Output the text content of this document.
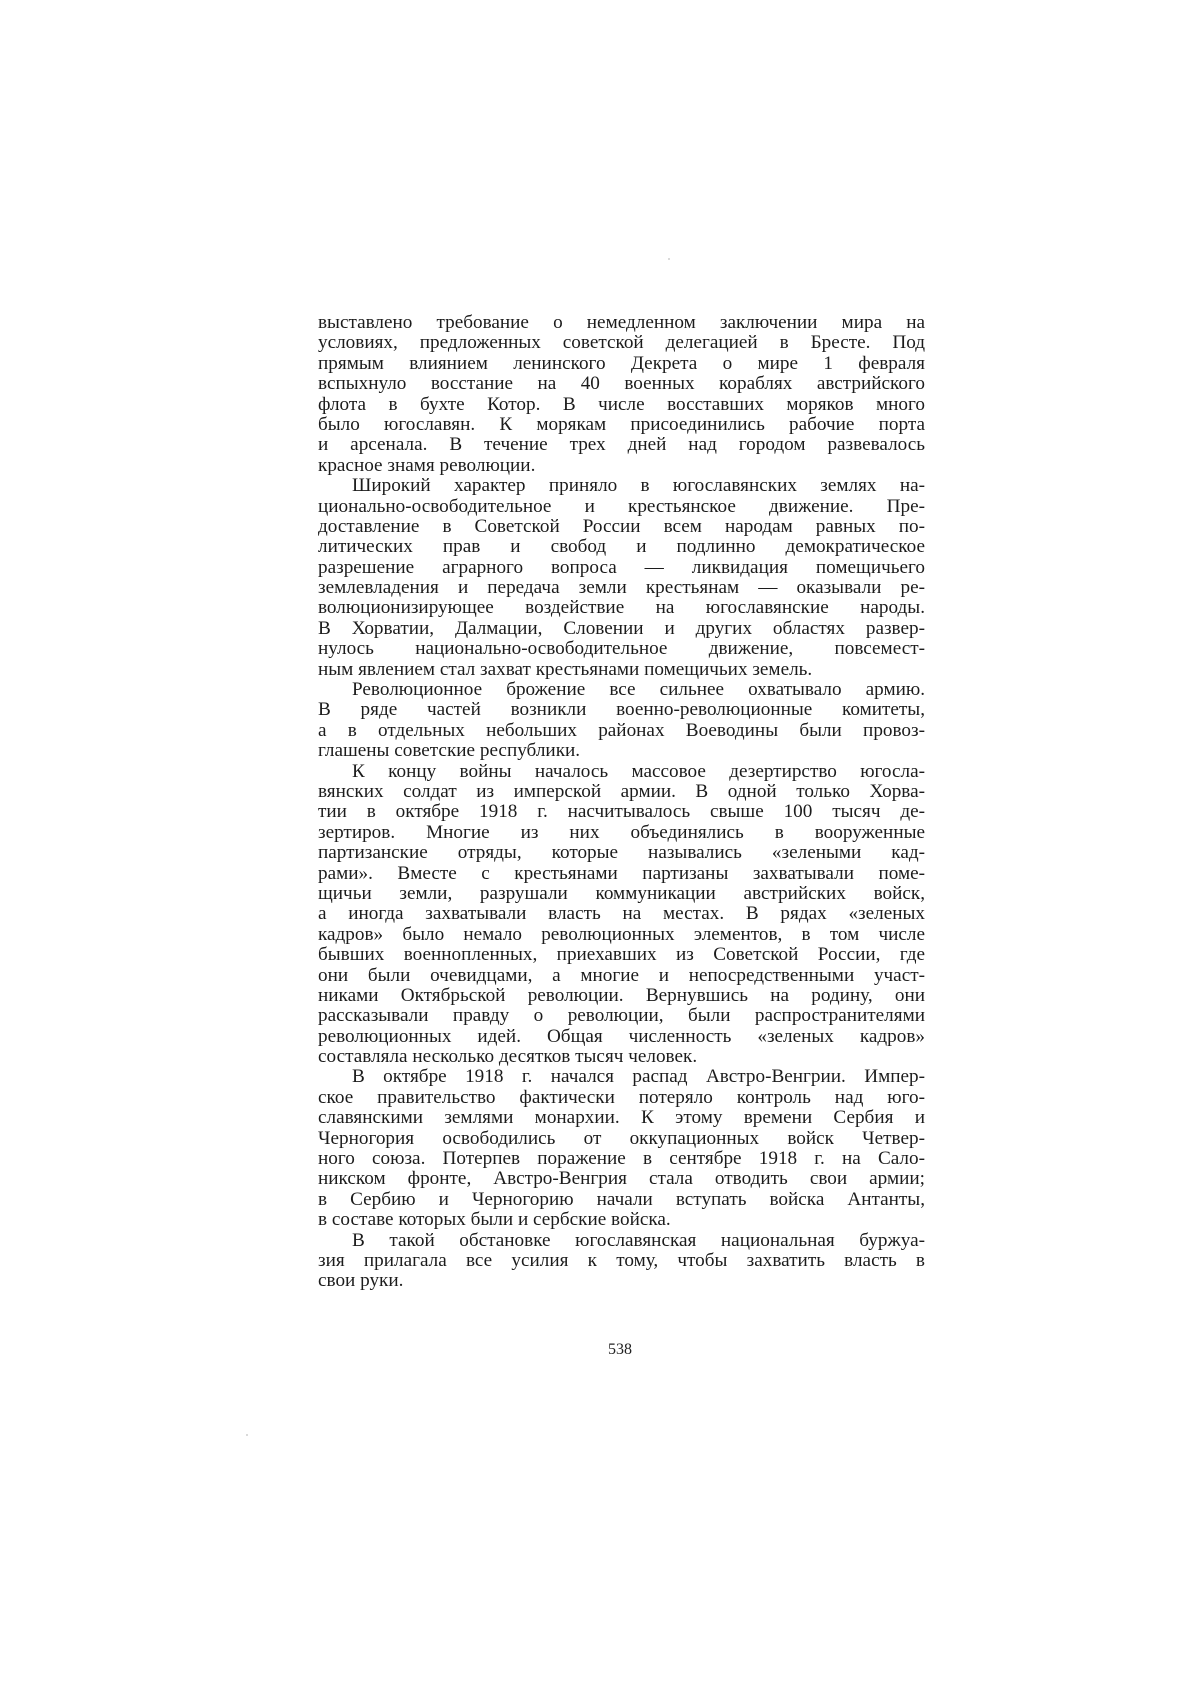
выставлено требование о немедленном заключении мира на
условиях, предложенных советской делегацией в Бресте. Под
прямым влиянием ленинского Декрета о мире 1 февраля
вспыхнуло восстание на 40 военных кораблях австрийского
флота в бухте Котор. В числе восставших моряков много
было югославян. К морякам присоединились рабочие порта
и арсенала. В течение трех дней над городом развевалось
красное знамя революции.
Широкий характер приняло в югославянских землях на-
ционально-освободительное и крестьянское движение. Пре-
доставление в Советской России всем народам равных по-
литических прав и свобод и подлинно демократическое
разрешение аграрного вопроса — ликвидация помещичьего
землевладения и передача земли крестьянам — оказывали ре-
волюционизирующее воздействие на югославянские народы.
В Хорватии, Далмации, Словении и других областях развер-
нулось национально-освободительное движение, повсемест-
ным явлением стал захват крестьянами помещичьих земель.
Революционное брожение все сильнее охватывало армию.
В ряде частей возникли военно-революционные комитеты,
а в отдельных небольших районах Воеводины были провоз-
глашены советские республики.
К концу войны началось массовое дезертирство югосла-
вянских солдат из имперской армии. В одной только Хорва-
тии в октябре 1918 г. насчитывалось свыше 100 тысяч де-
зертиров. Многие из них объединялись в вооруженные
партизанские отряды, которые назывались «зелеными кад-
рами». Вместе с крестьянами партизаны захватывали поме-
щичьи земли, разрушали коммуникации австрийских войск,
а иногда захватывали власть на местах. В рядах «зеленых
кадров» было немало революционных элементов, в том числе
бывших военнопленных, приехавших из Советской России, где
они были очевидцами, а многие и непосредственными участ-
никами Октябрьской революции. Вернувшись на родину, они
рассказывали правду о революции, были распространителями
революционных идей. Общая численность «зеленых кадров»
составляла несколько десятков тысяч человек.
В октябре 1918 г. начался распад Австро-Венгрии. Импер-
ское правительство фактически потеряло контроль над юго-
славянскими землями монархии. К этому времени Сербия и
Черногория освободились от оккупационных войск Четвер-
ного союза. Потерпев поражение в сентябре 1918 г. на Сало-
никском фронте, Австро-Венгрия стала отводить свои армии;
в Сербию и Черногорию начали вступать войска Антанты,
в составе которых были и сербские войска.
В такой обстановке югославянская национальная буржуа-
зия прилагала все усилия к тому, чтобы захватить власть в
свои руки.
538
